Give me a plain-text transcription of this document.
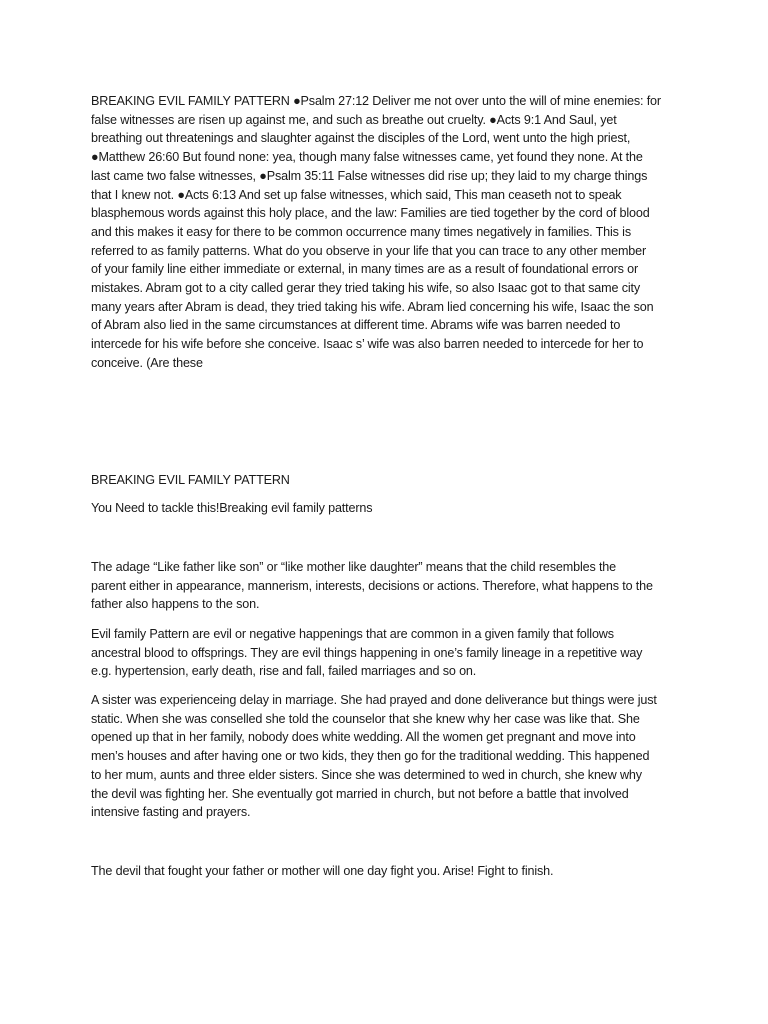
BREAKING EVIL FAMILY PATTERN ●Psalm 27:12 Deliver me not over unto the will of mine enemies: for
false witnesses are risen up against me, and such as breathe out cruelty. ●Acts 9:1 And Saul, yet
breathing out threatenings and slaughter against the disciples of the Lord, went unto the high priest,
●Matthew 26:60 But found none: yea, though many false witnesses came, yet found they none. At the
last came two false witnesses, ●Psalm 35:11 False witnesses did rise up; they laid to my charge things
that I knew not. ●Acts 6:13 And set up false witnesses, which said, This man ceaseth not to speak
blasphemous words against this holy place, and the law: Families are tied together by the cord of blood
and this makes it easy for there to be common occurrence many times negatively in families. This is
referred to as family patterns. What do you observe in your life that you can trace to any other member
of your family line either immediate or external, in many times are as a result of foundational errors or
mistakes. Abram got to a city called gerar they tried taking his wife, so also Isaac got to that same city
many years after Abram is dead, they tried taking his wife. Abram lied concerning his wife, Isaac the son
of Abram also lied in the same circumstances at different time. Abrams wife was barren needed to
intercede for his wife before she conceive. Isaac s’ wife was also barren needed to intercede for her to
conceive. (Are these

BREAKING EVIL FAMILY PATTERN

You Need to tackle this!Breaking evil family patterns

The adage “Like father like son” or “like mother like daughter” means that the child resembles the
parent either in appearance, mannerism, interests, decisions or actions. Therefore, what happens to the
father also happens to the son.

Evil family Pattern are evil or negative happenings that are common in a given family that follows
ancestral blood to offsprings. They are evil things happening in one’s family lineage in a repetitive way
e.g. hypertension, early death, rise and fall, failed marriages and so on.

A sister was experienceing delay in marriage. She had prayed and done deliverance but things were just
static. When she was conselled she told the counselor that she knew why her case was like that. She
opened up that in her family, nobody does white wedding. All the women get pregnant and move into
men’s houses and after having one or two kids, they then go for the traditional wedding. This happened
to her mum, aunts and three elder sisters. Since she was determined to wed in church, she knew why
the devil was fighting her. She eventually got married in church, but not before a battle that involved
intensive fasting and prayers.

The devil that fought your father or mother will one day fight you. Arise! Fight to finish.
